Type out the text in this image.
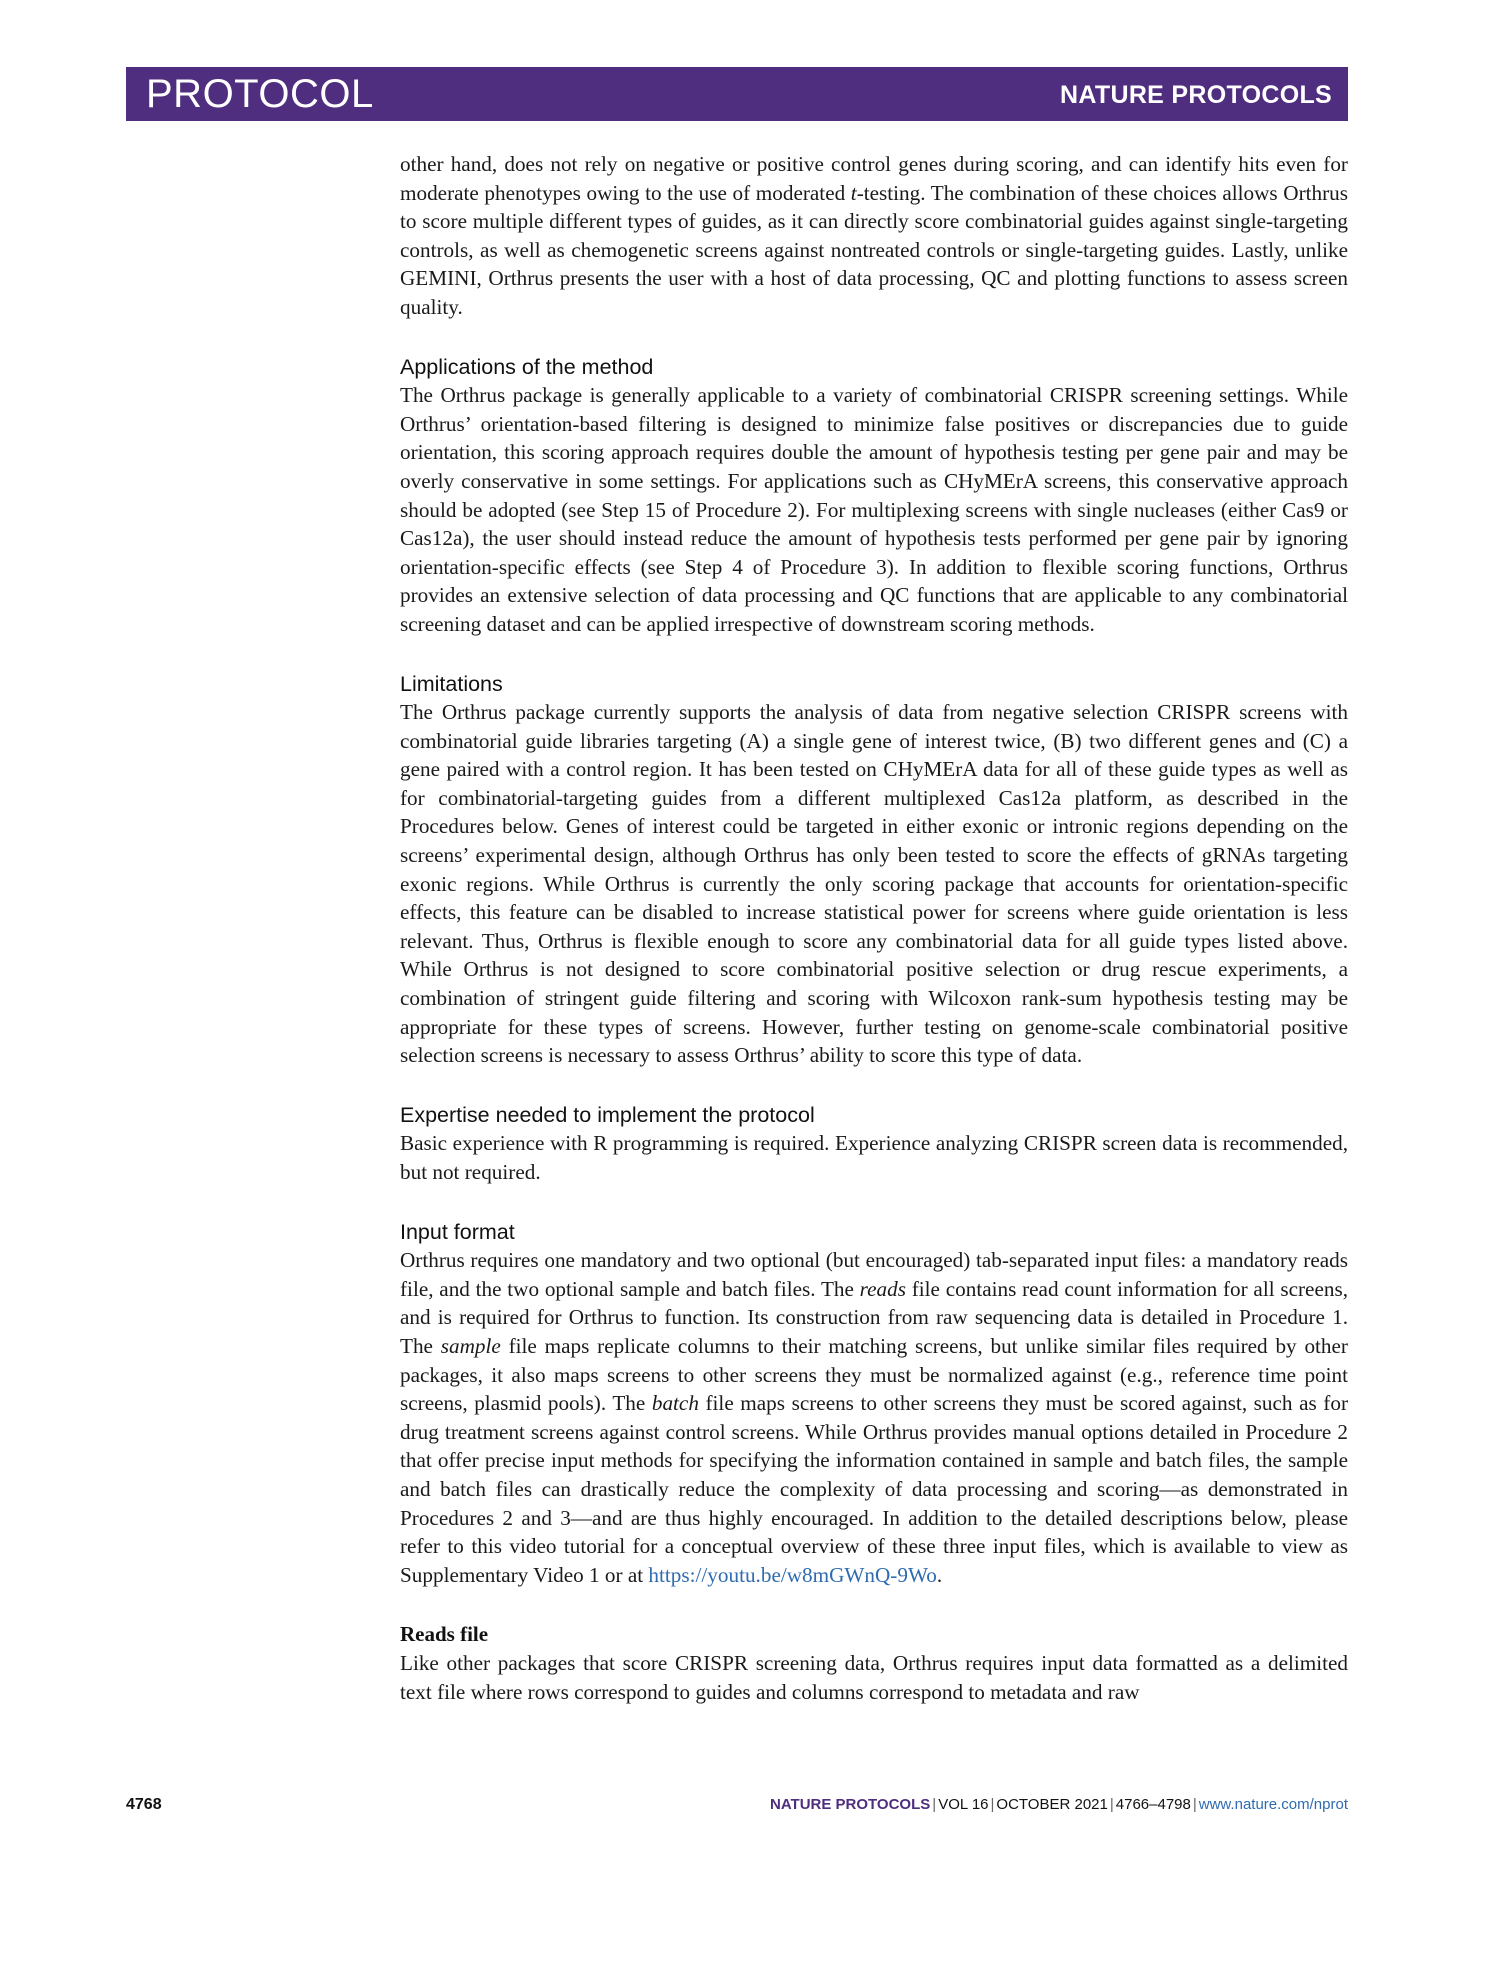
PROTOCOL	NATURE PROTOCOLS

other hand, does not rely on negative or positive control genes during scoring, and can identify hits even for moderate phenotypes owing to the use of moderated t-testing. The combination of these choices allows Orthrus to score multiple different types of guides, as it can directly score combinatorial guides against single-targeting controls, as well as chemogenetic screens against nontreated controls or single-targeting guides. Lastly, unlike GEMINI, Orthrus presents the user with a host of data processing, QC and plotting functions to assess screen quality.

Applications of the method

The Orthrus package is generally applicable to a variety of combinatorial CRISPR screening settings. While Orthrus’ orientation-based filtering is designed to minimize false positives or discrepancies due to guide orientation, this scoring approach requires double the amount of hypothesis testing per gene pair and may be overly conservative in some settings. For applications such as CHyMErA screens, this conservative approach should be adopted (see Step 15 of Procedure 2). For multiplexing screens with single nucleases (either Cas9 or Cas12a), the user should instead reduce the amount of hypothesis tests performed per gene pair by ignoring orientation-specific effects (see Step 4 of Procedure 3). In addition to flexible scoring functions, Orthrus provides an extensive selection of data processing and QC functions that are applicable to any combinatorial screening dataset and can be applied irrespective of downstream scoring methods.

Limitations

The Orthrus package currently supports the analysis of data from negative selection CRISPR screens with combinatorial guide libraries targeting (A) a single gene of interest twice, (B) two different genes and (C) a gene paired with a control region. It has been tested on CHyMErA data for all of these guide types as well as for combinatorial-targeting guides from a different multiplexed Cas12a platform, as described in the Procedures below. Genes of interest could be targeted in either exonic or intronic regions depending on the screens’ experimental design, although Orthrus has only been tested to score the effects of gRNAs targeting exonic regions. While Orthrus is currently the only scoring package that accounts for orientation-specific effects, this feature can be disabled to increase statistical power for screens where guide orientation is less relevant. Thus, Orthrus is flexible enough to score any combinatorial data for all guide types listed above. While Orthrus is not designed to score combinatorial positive selection or drug rescue experiments, a combination of stringent guide filtering and scoring with Wilcoxon rank-sum hypothesis testing may be appropriate for these types of screens. However, further testing on genome-scale combinatorial positive selection screens is necessary to assess Orthrus’ ability to score this type of data.

Expertise needed to implement the protocol

Basic experience with R programming is required. Experience analyzing CRISPR screen data is recommended, but not required.

Input format

Orthrus requires one mandatory and two optional (but encouraged) tab-separated input files: a mandatory reads file, and the two optional sample and batch files. The reads file contains read count information for all screens, and is required for Orthrus to function. Its construction from raw sequencing data is detailed in Procedure 1. The sample file maps replicate columns to their matching screens, but unlike similar files required by other packages, it also maps screens to other screens they must be normalized against (e.g., reference time point screens, plasmid pools). The batch file maps screens to other screens they must be scored against, such as for drug treatment screens against control screens. While Orthrus provides manual options detailed in Procedure 2 that offer precise input methods for specifying the information contained in sample and batch files, the sample and batch files can drastically reduce the complexity of data processing and scoring—as demonstrated in Procedures 2 and 3—and are thus highly encouraged. In addition to the detailed descriptions below, please refer to this video tutorial for a conceptual overview of these three input files, which is available to view as Supplementary Video 1 or at https://youtu.be/w8mGWnQ-9Wo.

Reads file

Like other packages that score CRISPR screening data, Orthrus requires input data formatted as a delimited text file where rows correspond to guides and columns correspond to metadata and raw

4768	NATURE PROTOCOLS | VOL 16 | OCTOBER 2021 | 4766–4798 | www.nature.com/nprot
